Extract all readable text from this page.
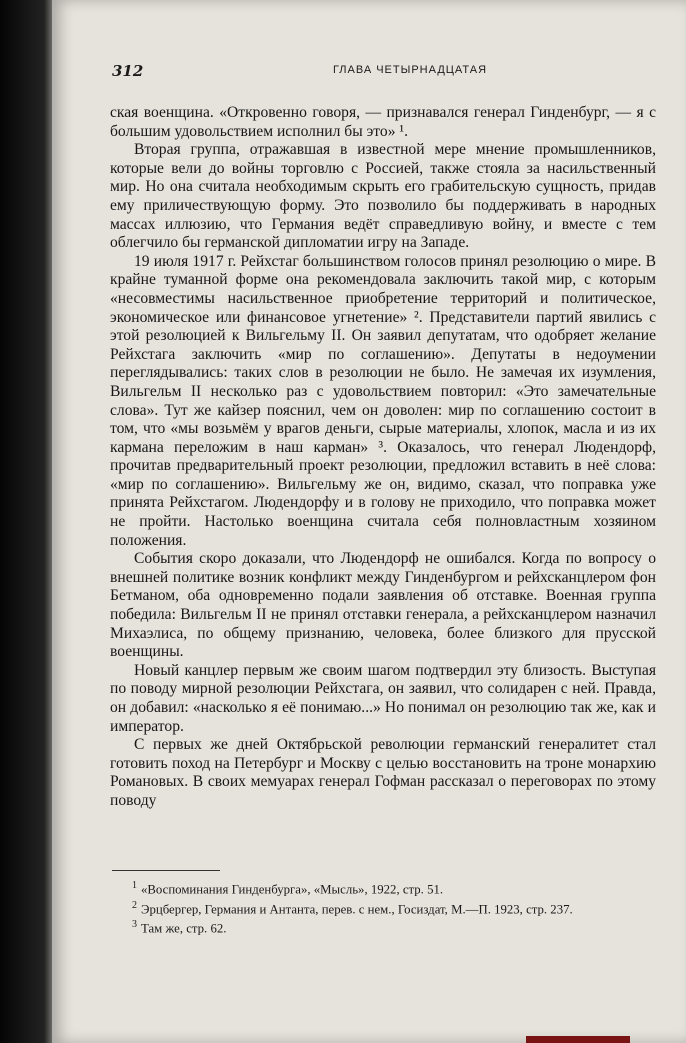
312	ГЛАВА ЧЕТЫРНАДЦАТАЯ

ская военщина. «Откровенно говоря, — признавался генерал Гинденбург, — я с большим удовольствием исполнил бы это» ¹.

Вторая группа, отражавшая в известной мере мнение промышленников, которые вели до войны торговлю с Россией, также стояла за насильственный мир. Но она считала необходимым скрыть его грабительскую сущность, придав ему приличествующую форму. Это позволило бы поддерживать в народных массах иллюзию, что Германия ведёт справедливую войну, и вместе с тем облегчило бы германской дипломатии игру на Западе.

19 июля 1917 г. Рейхстаг большинством голосов принял резолюцию о мире. В крайне туманной форме она рекомендовала заключить такой мир, с которым «несовместимы насильственное приобретение территорий и политическое, экономическое или финансовое угнетение» ². Представители партий явились с этой резолюцией к Вильгельму II. Он заявил депутатам, что одобряет желание Рейхстага заключить «мир по соглашению». Депутаты в недоумении переглядывались: таких слов в резолюции не было. Не замечая их изумления, Вильгельм II несколько раз с удовольствием повторил: «Это замечательные слова». Тут же кайзер пояснил, чем он доволен: мир по соглашению состоит в том, что «мы возьмём у врагов деньги, сырые материалы, хлопок, масла и из их кармана переложим в наш карман» ³. Оказалось, что генерал Людендорф, прочитав предварительный проект резолюции, предложил вставить в неё слова: «мир по соглашению». Вильгельму же он, видимо, сказал, что поправка уже принята Рейхстагом. Людендорфу и в голову не приходило, что поправка может не пройти. Настолько военщина считала себя полновластным хозяином положения.

События скоро доказали, что Людендорф не ошибался. Когда по вопросу о внешней политике возник конфликт между Гинденбургом и рейхсканцлером фон Бетманом, оба одновременно подали заявления об отставке. Военная группа победила: Вильгельм II не принял отставки генерала, а рейхсканцлером назначил Михаэлиса, по общему признанию, человека, более близкого для прусской военщины.

Новый канцлер первым же своим шагом подтвердил эту близость. Выступая по поводу мирной резолюции Рейхстага, он заявил, что солидарен с ней. Правда, он добавил: «насколько я её понимаю...» Но понимал он резолюцию так же, как и император.

С первых же дней Октябрьской революции германский генералитет стал готовить поход на Петербург и Москву с целью восстановить на троне монархию Романовых. В своих мемуарах генерал Гофман рассказал о переговорах по этому поводу

$^1$ «Воспоминания Гинденбурга», «Мысль», 1922, стр. 51.

$^2$ Эрцбергер, Германия и Антанта, перев. с нем., Госиздат, М.—П. 1923, стр. 237.

$^3$ Там же, стр. 62.
